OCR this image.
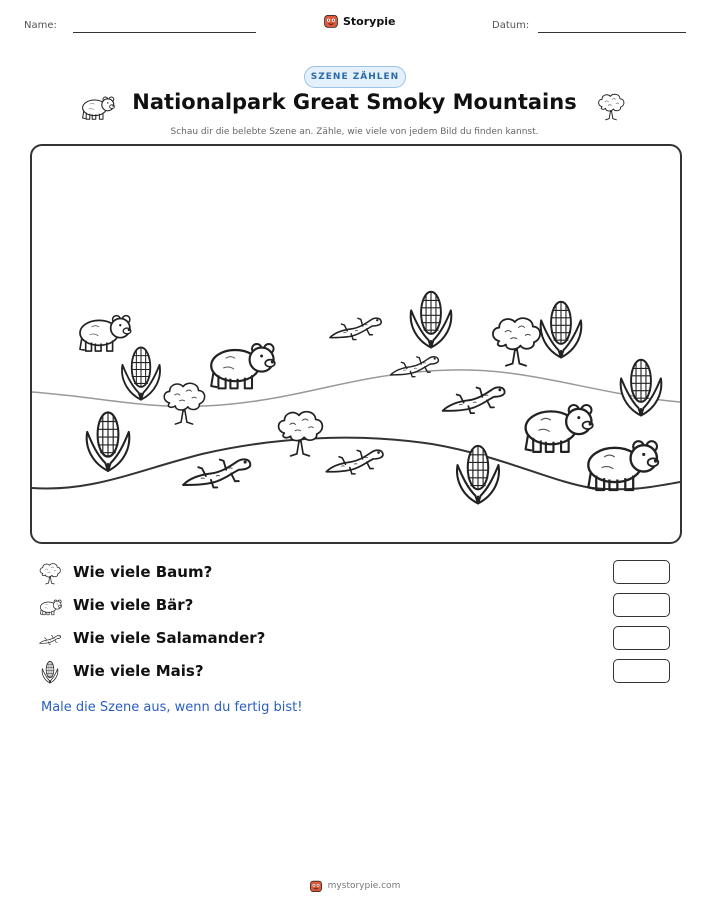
Name:	Storypie	Datum:
SZENE ZÄHLEN
Nationalpark Great Smoky Mountains
Schau dir die belebte Szene an. Zähle, wie viele von jedem Bild du finden kannst.
Wie viele Baum?
Wie viele Bär?
Wie viele Salamander?
Wie viele Mais?
Male die Szene aus, wenn du fertig bist!
mystorypie.com
